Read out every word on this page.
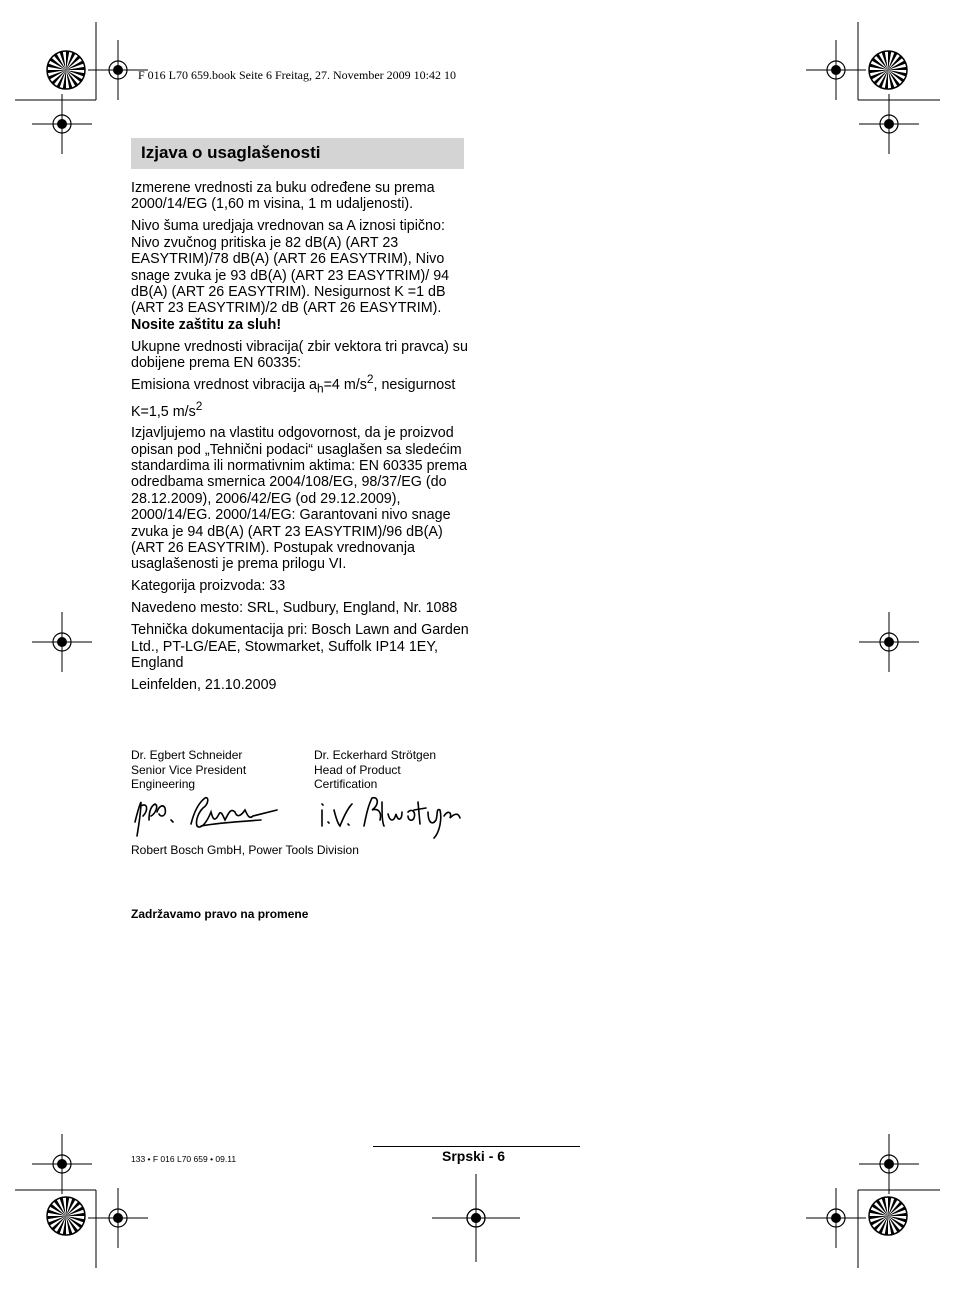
F 016 L70 659.book Seite 6 Freitag, 27. November 2009 10:42 10
Izjava o usaglašenosti

Izmerene vrednosti za buku određene su prema 2000/14/EG (1,60 m visina, 1 m udaljenosti).

Nivo šuma uredjaja vrednovan sa A iznosi tipično: Nivo zvučnog pritiska je 82 dB(A) (ART 23 EASYTRIM)/78 dB(A) (ART 26 EASYTRIM), Nivo snage zvuka je 93 dB(A) (ART 23 EASYTRIM)/ 94 dB(A) (ART 26 EASYTRIM). Nesigurnost K =1 dB (ART 23 EASYTRIM)/2 dB (ART 26 EASYTRIM).

Nosite zaštitu za sluh!

Ukupne vrednosti vibracija( zbir vektora tri pravca) su dobijene prema EN 60335:
Emisiona vrednost vibracija $a_h=4$ $m/s^2$, nesigurnost K=1,5 $m/s^2$

Izjavljujemo na vlastitu odgovornost, da je proizvod opisan pod „Tehnični podaci“ usaglašen sa sledećim standardima ili normativnim aktima: EN 60335 prema odredbama smernica 2004/108/EG, 98/37/EG (do 28.12.2009), 2006/42/EG (od 29.12.2009), 2000/14/EG. 2000/14/EG: Garantovani nivo snage zvuka je 94 dB(A) (ART 23 EASYTRIM)/96 dB(A) (ART 26 EASYTRIM). Postupak vrednovanja usaglašenosti je prema prilogu VI.

Kategorija proizvoda: 33

Navedeno mesto: SRL, Sudbury, England, Nr. 1088

Tehnička dokumentacija pri: Bosch Lawn and Garden Ltd., PT-LG/EAE, Stowmarket, Suffolk IP14 1EY, England

Leinfelden, 21.10.2009

Dr. Egbert Schneider
Senior Vice President
Engineering
Dr. Eckerhard Strötgen
Head of Product
Certification
Robert Bosch GmbH, Power Tools Division
Zadržavamo pravo na promene
133 • F 016 L70 659 • 09.11	Srpski - 6
